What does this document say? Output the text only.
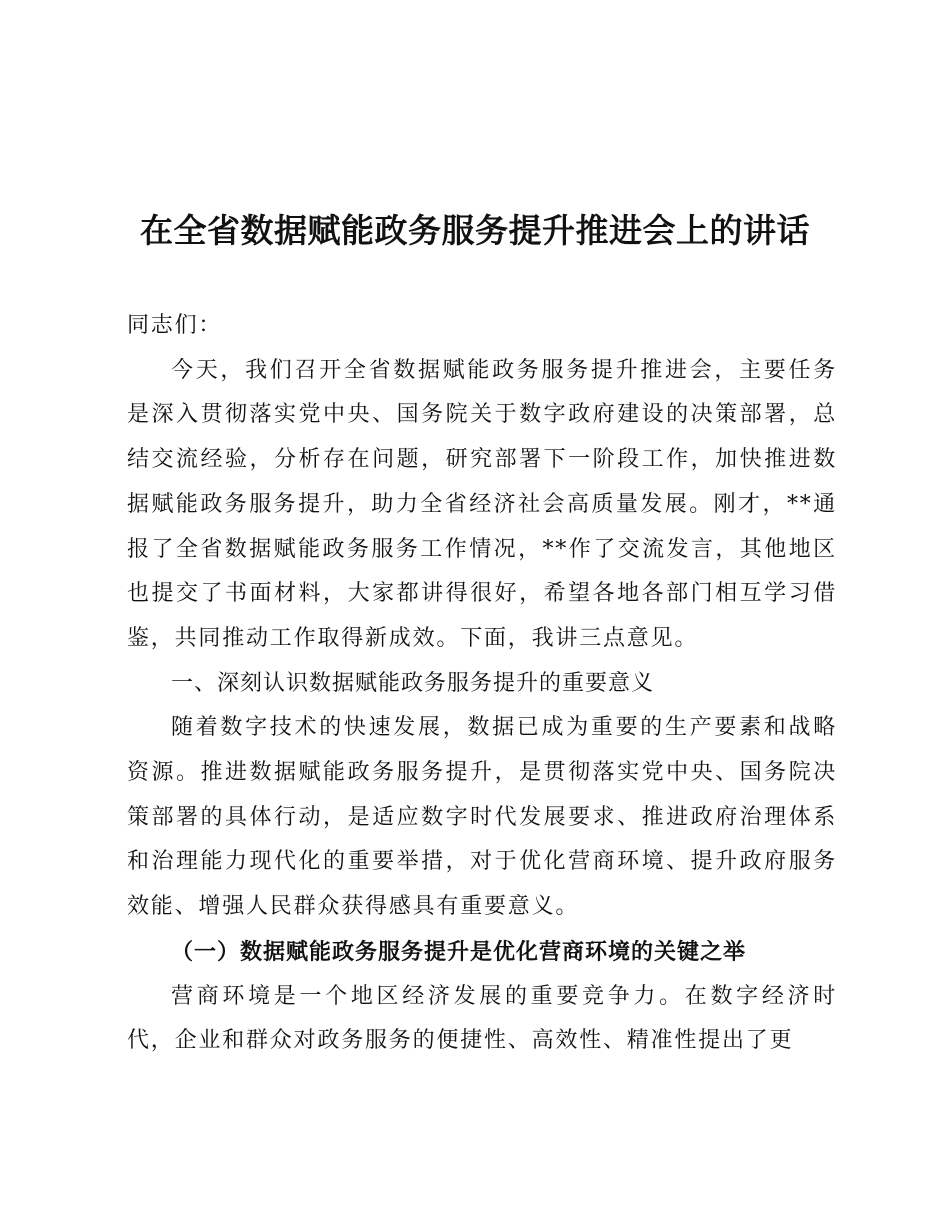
在全省数据赋能政务服务提升推进会上的讲话

同志们：

今天，我们召开全省数据赋能政务服务提升推进会，主要任务是深入贯彻落实党中央、国务院关于数字政府建设的决策部署，总结交流经验，分析存在问题，研究部署下一阶段工作，加快推进数据赋能政务服务提升，助力全省经济社会高质量发展。刚才，**通报了全省数据赋能政务服务工作情况，**作了交流发言，其他地区也提交了书面材料，大家都讲得很好，希望各地各部门相互学习借鉴，共同推动工作取得新成效。下面，我讲三点意见。

一、深刻认识数据赋能政务服务提升的重要意义

随着数字技术的快速发展，数据已成为重要的生产要素和战略资源。推进数据赋能政务服务提升，是贯彻落实党中央、国务院决策部署的具体行动，是适应数字时代发展要求、推进政府治理体系和治理能力现代化的重要举措，对于优化营商环境、提升政府服务效能、增强人民群众获得感具有重要意义。

（一）数据赋能政务服务提升是优化营商环境的关键之举

营商环境是一个地区经济发展的重要竞争力。在数字经济时代，企业和群众对政务服务的便捷性、高效性、精准性提出了更
